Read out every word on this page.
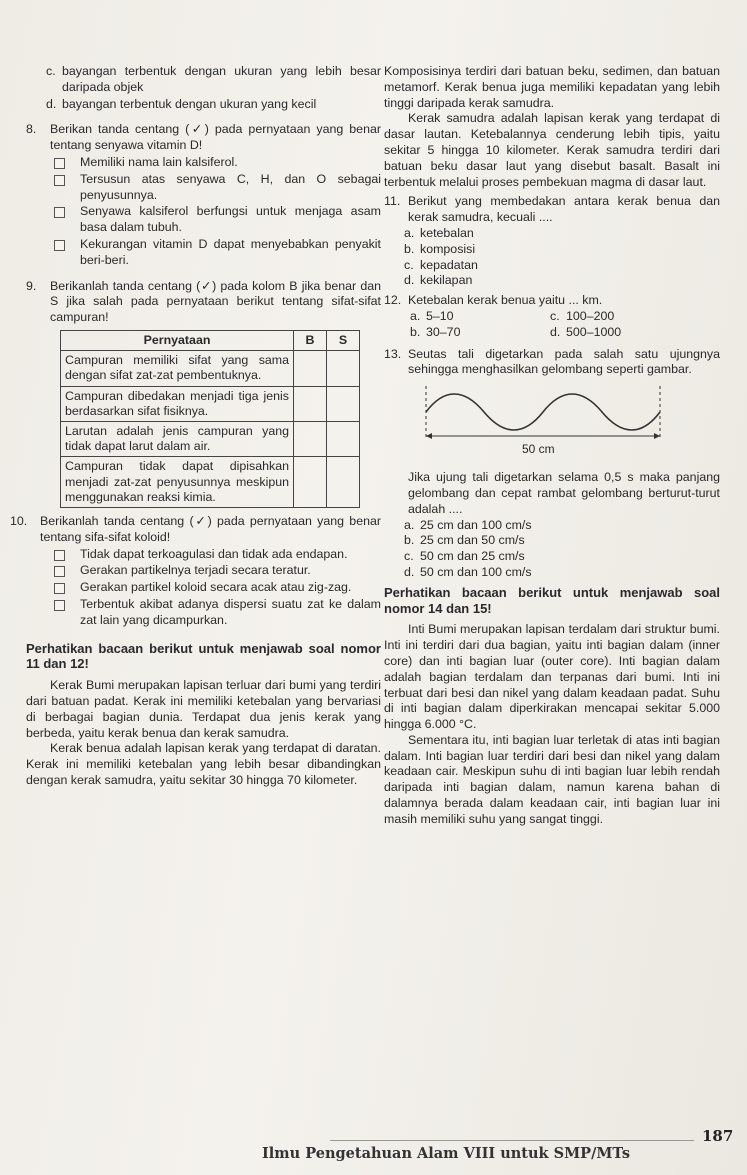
c. bayangan terbentuk dengan ukuran yang lebih besar daripada objek
d. bayangan terbentuk dengan ukuran yang kecil
8. Berikan tanda centang (✓) pada pernyataan yang benar tentang senyawa vitamin D!
Memiliki nama lain kalsiferol.
Tersusun atas senyawa C, H, dan O sebagai penyusunnya.
Senyawa kalsiferol berfungsi untuk menjaga asam basa dalam tubuh.
Kekurangan vitamin D dapat menyebabkan penyakit beri-beri.
9. Berikanlah tanda centang (✓) pada kolom B jika benar dan S jika salah pada pernyataan berikut tentang sifat-sifat campuran!
Pernyataan	B	S
Campuran memiliki sifat yang sama dengan sifat zat-zat pembentuknya.		
Campuran dibedakan menjadi tiga jenis berdasarkan sifat fisiknya.		
Larutan adalah jenis campuran yang tidak dapat larut dalam air.		
Campuran tidak dapat dipisahkan menjadi zat-zat penyusunnya meskipun menggunakan reaksi kimia.		
10. Berikanlah tanda centang (✓) pada pernyataan yang benar tentang sifa-sifat koloid!
Tidak dapat terkoagulasi dan tidak ada endapan.
Gerakan partikelnya terjadi secara teratur.
Gerakan partikel koloid secara acak atau zig-zag.
Terbentuk akibat adanya dispersi suatu zat ke dalam zat lain yang dicampurkan.

Perhatikan bacaan berikut untuk menjawab soal nomor 11 dan 12!

Kerak Bumi merupakan lapisan terluar dari bumi yang terdiri dari batuan padat. Kerak ini memiliki ketebalan yang bervariasi di berbagai bagian dunia. Terdapat dua jenis kerak yang berbeda, yaitu kerak benua dan kerak samudra.

Kerak benua adalah lapisan kerak yang terdapat di daratan. Kerak ini memiliki ketebalan yang lebih besar dibandingkan dengan kerak samudra, yaitu sekitar 30 hingga 70 kilometer.

Komposisinya terdiri dari batuan beku, sedimen, dan batuan metamorf. Kerak benua juga memiliki kepadatan yang lebih tinggi daripada kerak samudra.

Kerak samudra adalah lapisan kerak yang terdapat di dasar lautan. Ketebalannya cenderung lebih tipis, yaitu sekitar 5 hingga 10 kilometer. Kerak samudra terdiri dari batuan beku dasar laut yang disebut basalt. Basalt ini terbentuk melalui proses pembekuan magma di dasar laut.

11. Berikut yang membedakan antara kerak benua dan kerak samudra, kecuali ....
a. ketebalan
b. komposisi
c. kepadatan
d. kekilapan
12. Ketebalan kerak benua yaitu ... km.
a. 5–10	c. 100–200
b. 30–70	d. 500–1000
13. Seutas tali digetarkan pada salah satu ujungnya sehingga menghasilkan gelombang seperti gambar.
50 cm

Jika ujung tali digetarkan selama 0,5 s maka panjang gelombang dan cepat rambat gelombang berturut-turut adalah ....

a. 25 cm dan 100 cm/s
b. 25 cm dan 50 cm/s
c. 50 cm dan 25 cm/s
d. 50 cm dan 100 cm/s

Perhatikan bacaan berikut untuk menjawab soal nomor 14 dan 15!

Inti Bumi merupakan lapisan terdalam dari struktur bumi. Inti ini terdiri dari dua bagian, yaitu inti bagian dalam (inner core) dan inti bagian luar (outer core). Inti bagian dalam adalah bagian terdalam dan terpanas dari bumi. Inti ini terbuat dari besi dan nikel yang dalam keadaan padat. Suhu di inti bagian dalam diperkirakan mencapai sekitar 5.000 hingga 6.000 °C.

Sementara itu, inti bagian luar terletak di atas inti bagian dalam. Inti bagian luar terdiri dari besi dan nikel yang dalam keadaan cair. Meskipun suhu di inti bagian luar lebih rendah daripada inti bagian dalam, namun karena bahan di dalamnya berada dalam keadaan cair, inti bagian luar ini masih memiliki suhu yang sangat tinggi.

Ilmu Pengetahuan Alam VIII untuk SMP/MTs
187
